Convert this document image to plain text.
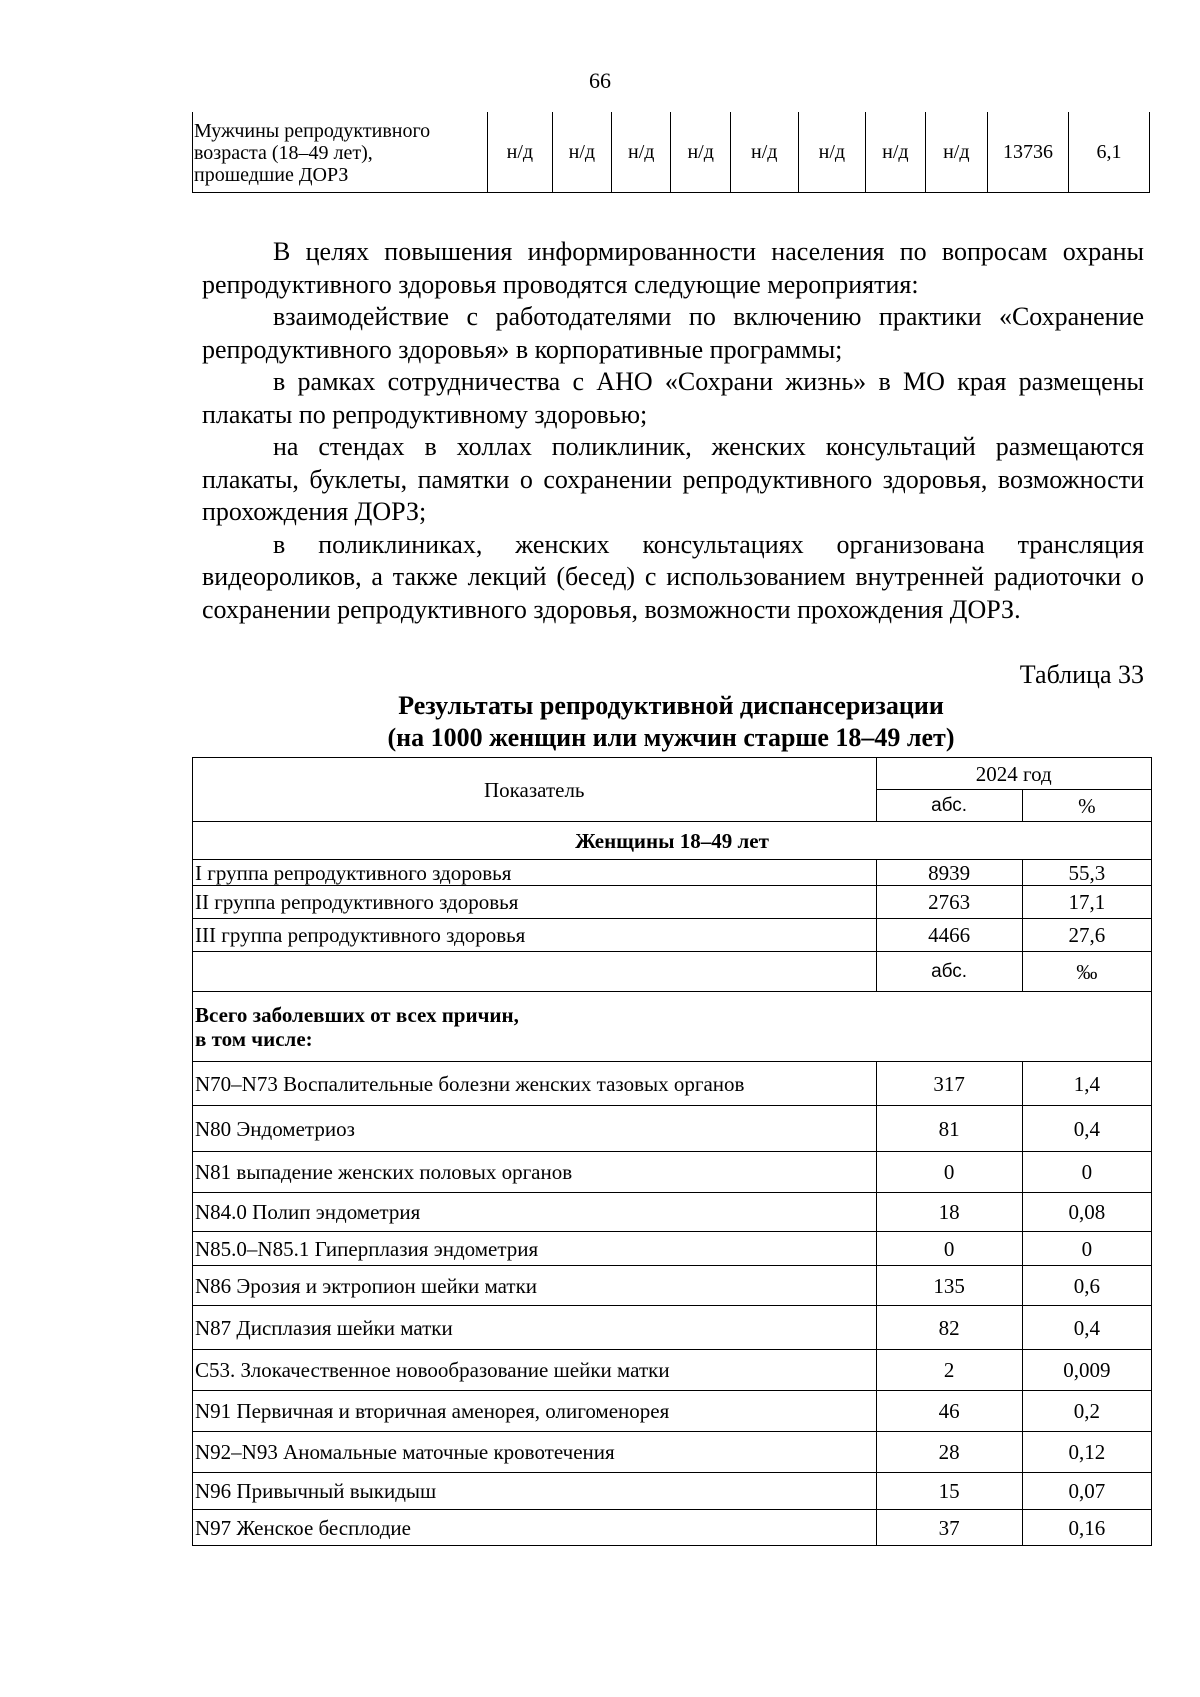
66
Мужчины репродуктивного
возраста (18–49 лет),
прошедшие ДОРЗ
	н/д	н/д	н/д	н/д	н/д	н/д	н/д	н/д	13736	6,1

В целях повышения информированности населения по вопросам охраны репродуктивного здоровья проводятся следующие мероприятия:

взаимодействие с работодателями по включению практики «Сохранение репродуктивного здоровья» в корпоративные программы;

в рамках сотрудничества с АНО «Сохрани жизнь» в МО края размещены плакаты по репродуктивному здоровью;

на стендах в холлах поликлиник, женских консультаций размещаются плакаты, буклеты, памятки о сохранении репродуктивного здоровья, возможности прохождения ДОРЗ;

в поликлиниках, женских консультациях организована трансляция видеороликов, а также лекций (бесед) с использованием внутренней радиоточки о сохранении репродуктивного здоровья, возможности прохождения ДОРЗ.

Таблица 33
Результаты репродуктивной диспансеризации
(на 1000 женщин или мужчин старше 18–49 лет)
Показатель	2024 год	
	абс.	%
Женщины 18–49 лет		
I группа репродуктивного здоровья	8939	55,3
II группа репродуктивного здоровья	2763	17,1
III группа репродуктивного здоровья	4466	27,6
	абс.	‰

Всего заболевших от всех причин,
в том числе:		

N70–N73 Воспалительные болезни женских тазовых органов	317	1,4
N80 Эндометриоз	81	0,4
N81 выпадение женских половых органов	0	0
N84.0 Полип эндометрия	18	0,08
N85.0–N85.1 Гиперплазия эндометрия	0	0
N86 Эрозия и эктропион шейки матки	135	0,6
N87 Дисплазия шейки матки	82	0,4
C53. Злокачественное новообразование шейки матки	2	0,009
N91 Первичная и вторичная аменорея, олигоменорея	46	0,2
N92–N93 Аномальные маточные кровотечения	28	0,12
N96 Привычный выкидыш	15	0,07
N97 Женское бесплодие	37	0,16
